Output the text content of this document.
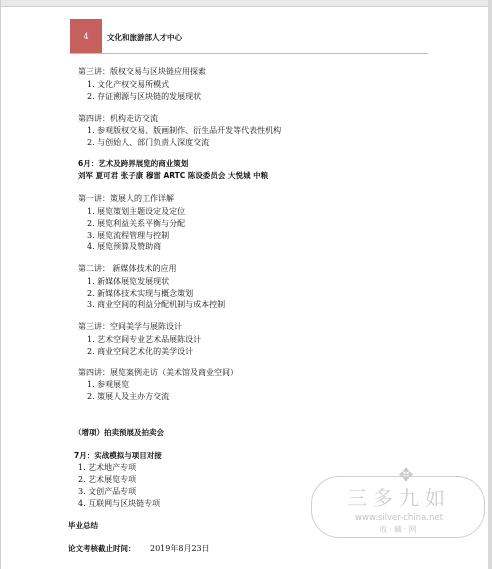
4 文化和旅游部人才中心
第三讲：版权交易与区块链应用探索
1. 文化产权交易所模式
2. 存证溯源与区块链的发展现状
第四讲：机构走访交流
1. 参观版权交易、版画制作、衍生品开发等代表性机构
2. 与创始人、部门负责人深度交流
6月：艺术及跨界展览的商业策划
刘军 夏可君 张子康 穆雷 ARTC 陈设委员会 大悦城 中粮
第一讲：策展人的工作详解
1. 展览策划主题设定及定位
2. 展览利益关系平衡与分配
3. 展览流程管理与控制
4. 展览预算及赞助商
第二讲： 新媒体技术的应用
1. 新媒体展览发展现状
2. 新媒体技术实现与概念策划
3. 商业空间的利益分配机制与成本控制
第三讲：空间美学与展陈设计
1. 艺术空间专业艺术品展陈设计
2. 商业空间艺术化的美学设计
第四讲：展览案例走访（美术馆及商业空间）
1. 参观展览
2. 策展人及主办方交流
（增项）拍卖预展及拍卖会
7月：实战模拟与项目对接
1. 艺术地产专项
2. 艺术展览专项
3. 文创产品专项
4. 互联网与区块链专项
毕业总结
论文考核截止时间： 2019年8月23日
✥
三多九如
www.silver-china.net
收·藏·网
